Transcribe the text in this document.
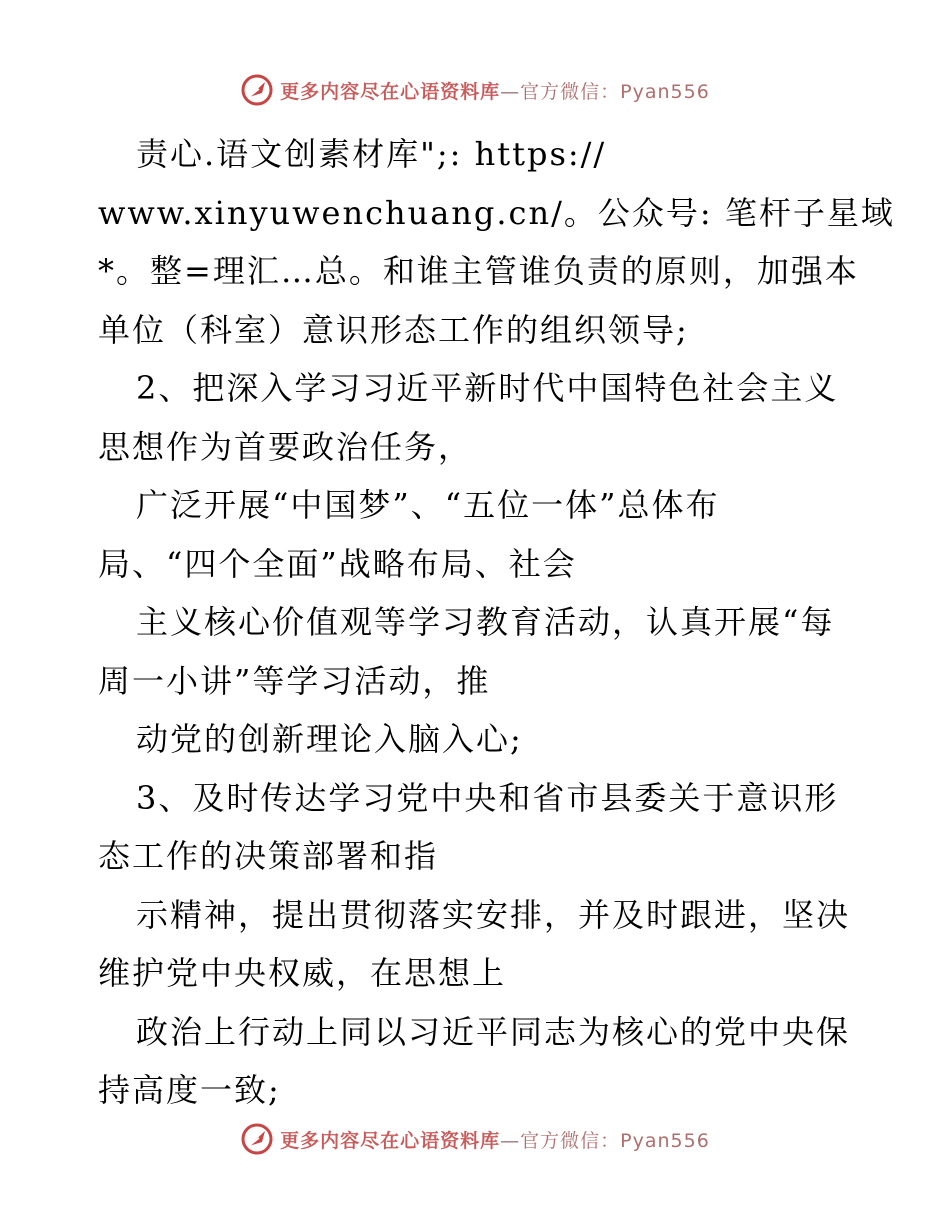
更多内容尽在心语资料库—官方微信：Pyan556
责心.语文创素材库";: https://
www.xinyuwenchuang.cn/。公众号: 笔杆子星域
*。整=理汇…总。和谁主管谁负责的原则，加强本
单位（科室）意识形态工作的组织领导;
2、把深入学习习近平新时代中国特色社会主义
思想作为首要政治任务，
广泛开展“中国梦”、“五位一体”总体布
局、“四个全面”战略布局、社会
主义核心价值观等学习教育活动，认真开展“每
周一小讲”等学习活动，推
动党的创新理论入脑入心;
3、及时传达学习党中央和省市县委关于意识形
态工作的决策部署和指
示精神，提出贯彻落实安排，并及时跟进，坚决
维护党中央权威，在思想上
政治上行动上同以习近平同志为核心的党中央保
持高度一致;
更多内容尽在心语资料库—官方微信：Pyan556
